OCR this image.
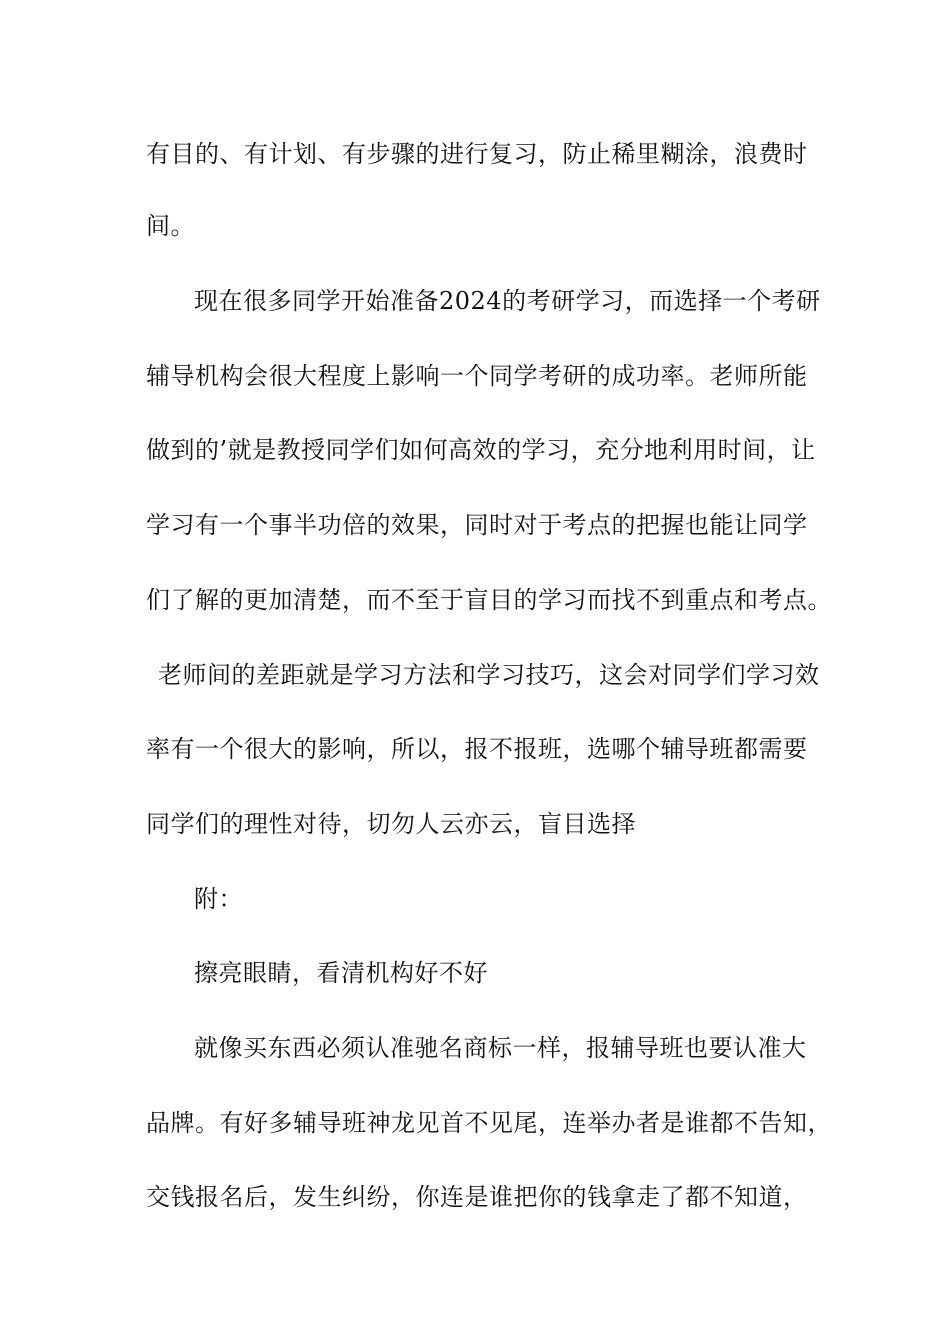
有目的、有计划、有步骤的进行复习，防止稀里糊涂，浪费时
间。
现在很多同学开始准备2024的考研学习，而选择一个考研
辅导机构会很大程度上影响一个同学考研的成功率。老师所能
做到的’就是教授同学们如何高效的学习，充分地利用时间，让
学习有一个事半功倍的效果，同时对于考点的把握也能让同学
们了解的更加清楚，而不至于盲目的学习而找不到重点和考点。
老师间的差距就是学习方法和学习技巧，这会对同学们学习效
率有一个很大的影响，所以，报不报班，选哪个辅导班都需要
同学们的理性对待，切勿人云亦云，盲目选择
附：
擦亮眼睛，看清机构好不好
就像买东西必须认准驰名商标一样，报辅导班也要认准大
品牌。有好多辅导班神龙见首不见尾，连举办者是谁都不告知，
交钱报名后，发生纠纷，你连是谁把你的钱拿走了都不知道，
